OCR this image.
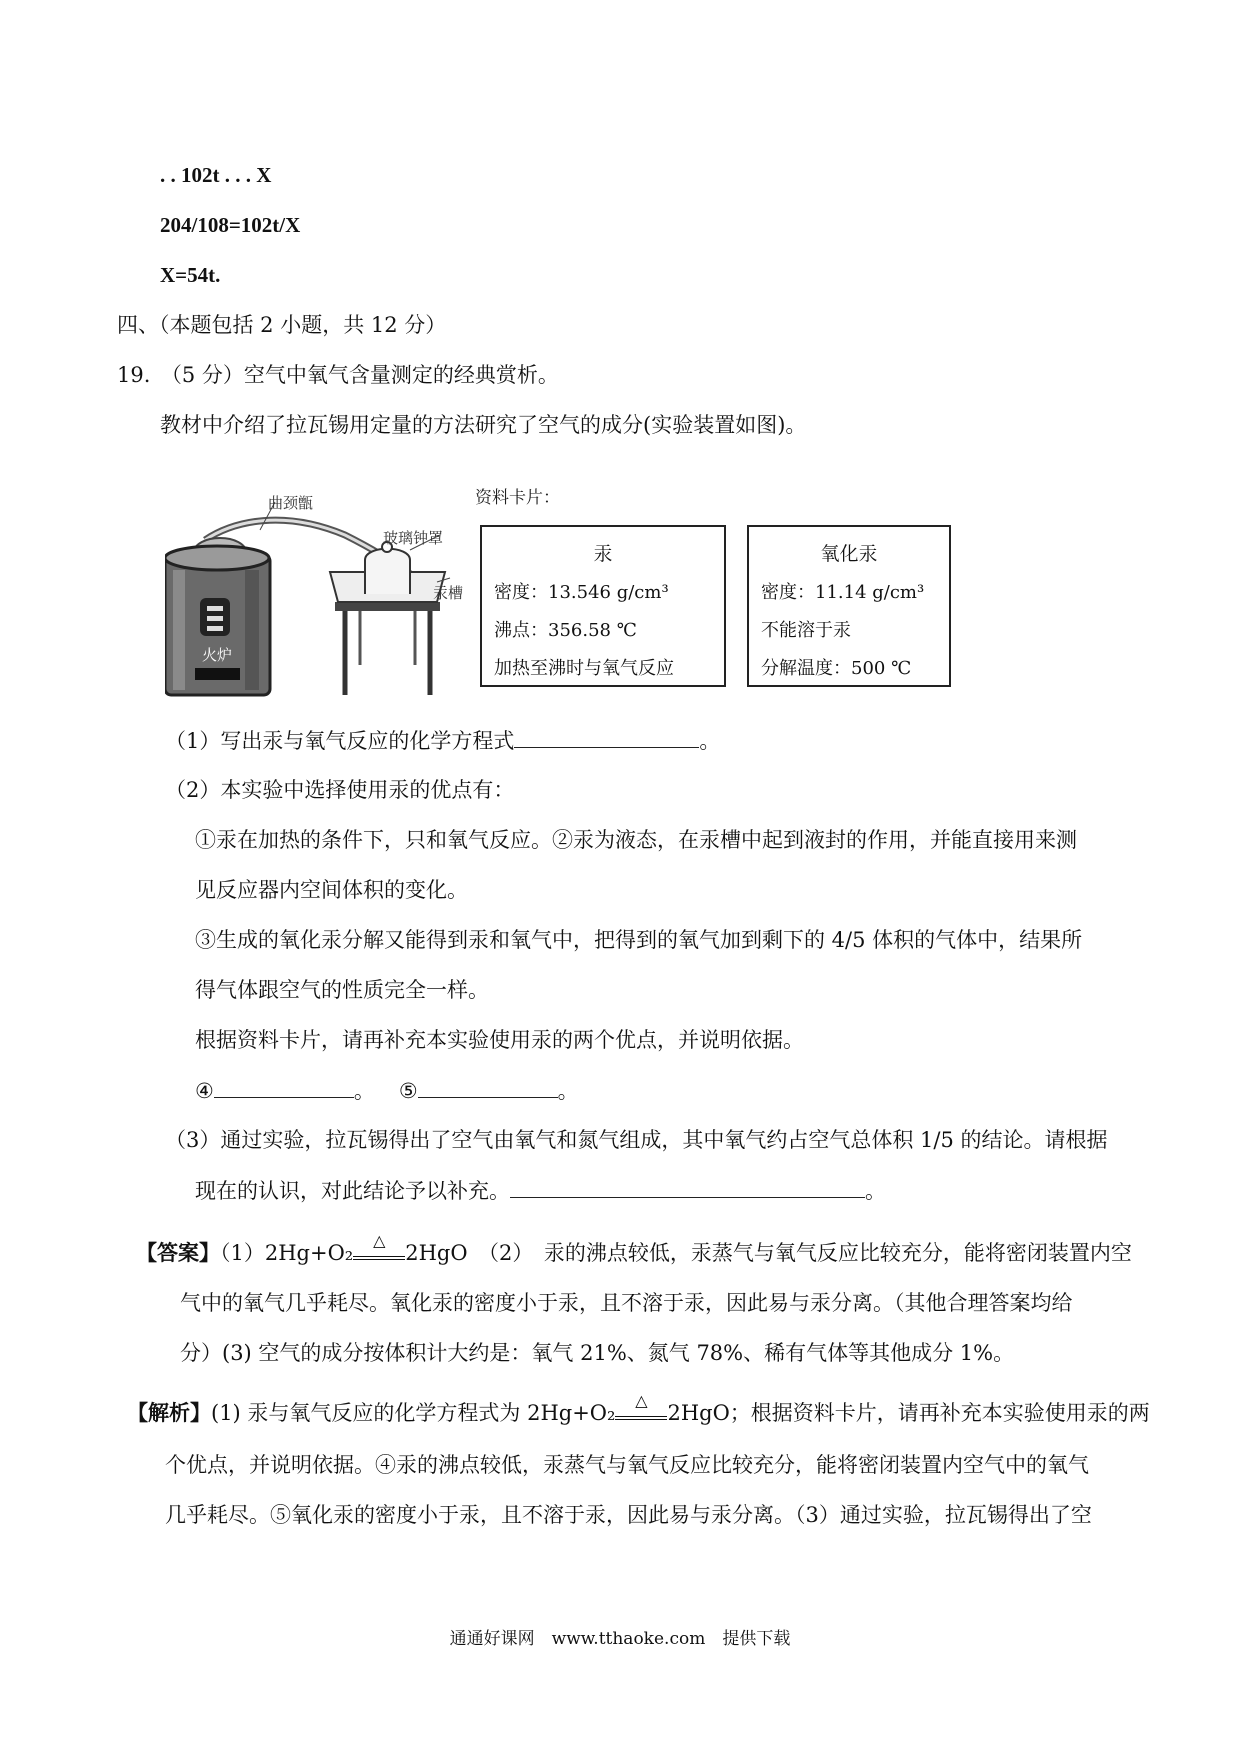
. . 102t . . . X
204/108=102t/X
X=54t.
四、（本题包括 2 小题，共 12 分）
19.　（5 分）空气中氧气含量测定的经典赏析。
教材中介绍了拉瓦锡用定量的方法研究了空气的成分(实验装置如图)。
火炉
曲颈甑
玻璃钟罩
汞槽
资料卡片：
汞
密度：13.546 g/cm³
沸点：356.58 ℃
加热至沸时与氧气反应
氧化汞
密度：11.14 g/cm³
不能溶于汞
分解温度：500 ℃
（1）写出汞与氧气反应的化学方程式	。
（2）本实验中选择使用汞的优点有：
①汞在加热的条件下，只和氧气反应。②汞为液态，在汞槽中起到液封的作用，并能直接用来测
见反应器内空间体积的变化。
③生成的氧化汞分解又能得到汞和氧气中，把得到的氧气加到剩下的 4/5 体积的气体中，结果所
得气体跟空气的性质完全一样。
根据资料卡片，请再补充本实验使用汞的两个优点，并说明依据。
④	。 ⑤	。
（3）通过实验，拉瓦锡得出了空气由氧气和氮气组成，其中氧气约占空气总体积 1/5 的结论。请根据
现在的认识，对此结论予以补充。	。
【答案】（1）2Hg+O₂
△
2HgO　（2）　汞的沸点较低，汞蒸气与氧气反应比较充分，能将密闭装置内空
气中的氧气几乎耗尽。氧化汞的密度小于汞，且不溶于汞，因此易与汞分离。（其他合理答案均给
分）(3) 空气的成分按体积计大约是：氧气 21%、氮气 78%、稀有气体等其他成分 1%。
【解析】(1) 汞与氧气反应的化学方程式为 2Hg+O₂
△
2HgO；根据资料卡片，请再补充本实验使用汞的两
个优点，并说明依据。④汞的沸点较低，汞蒸气与氧气反应比较充分，能将密闭装置内空气中的氧气
几乎耗尽。⑤氧化汞的密度小于汞，且不溶于汞，因此易与汞分离。（3）通过实验，拉瓦锡得出了空
通通好课网　www.tthaoke.com　提供下载
